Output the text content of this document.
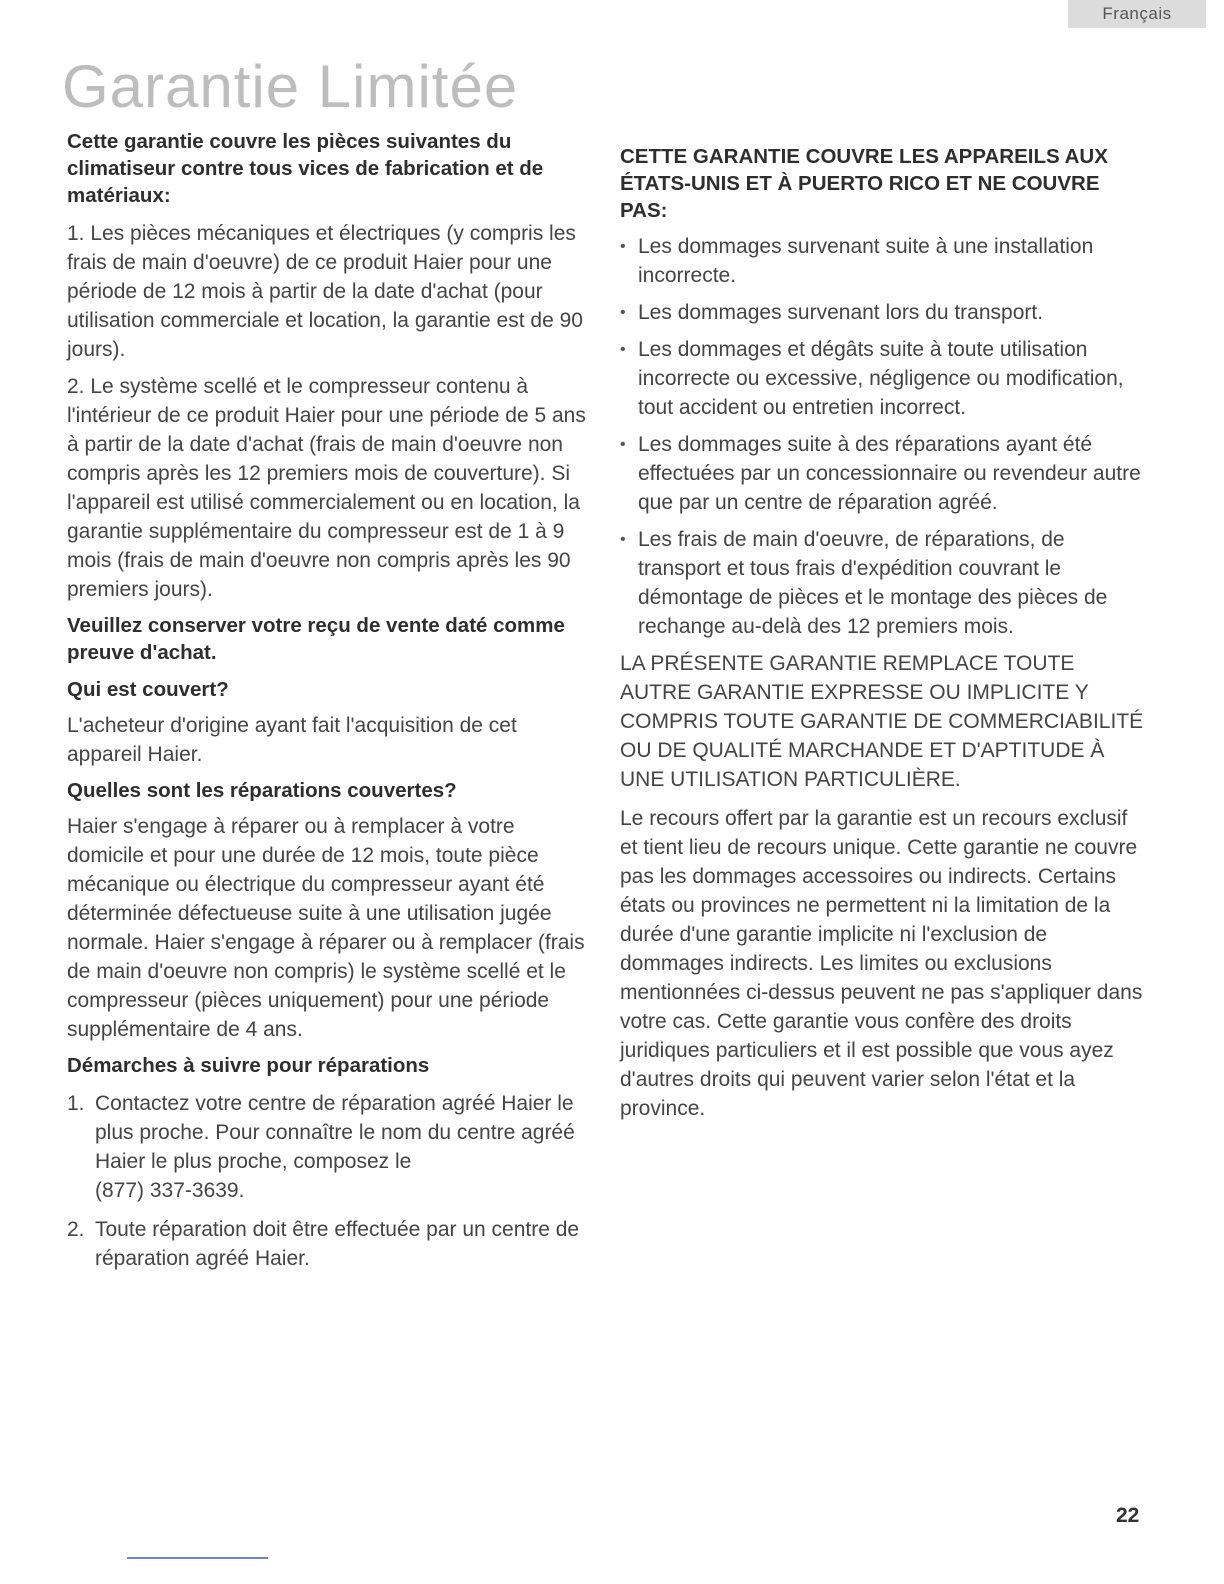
Français
Garantie Limitée
Cette garantie couvre les pièces suivantes du climatiseur contre tous vices de fabrication et de matériaux:

1. Les pièces mécaniques et électriques (y compris les frais de main d'oeuvre) de ce produit Haier pour une période de 12 mois à partir de la date d'achat (pour utilisation commerciale et location, la garantie est de 90 jours).

2. Le système scellé et le compresseur contenu à l'intérieur de ce produit Haier pour une période de 5 ans à partir de la date d'achat (frais de main d'oeuvre non compris après les 12 premiers mois de couverture). Si l'appareil est utilisé commercialement ou en location, la garantie supplémentaire du compresseur est de 1 à 9 mois (frais de main d'oeuvre non compris après les 90 premiers jours).

Veuillez conserver votre reçu de vente daté comme preuve d'achat.
Qui est couvert?

L'acheteur d'origine ayant fait l'acquisition de cet appareil Haier.

Quelles sont les réparations couvertes?

Haier s'engage à réparer ou à remplacer à votre domicile et pour une durée de 12 mois, toute pièce mécanique ou électrique du compresseur ayant été déterminée défectueuse suite à une utilisation jugée normale. Haier s'engage à réparer ou à remplacer (frais de main d'oeuvre non compris) le système scellé et le compresseur (pièces uniquement) pour une période supplémentaire de 4 ans.

Démarches à suivre pour réparations
1. Contactez votre centre de réparation agréé Haier le plus proche. Pour connaître le nom du centre agréé Haier le plus proche, composez le
(877) 337-3639.
2. Toute réparation doit être effectuée par un centre de réparation agréé Haier.
CETTE GARANTIE COUVRE LES APPAREILS AUX ÉTATS-UNIS ET À PUERTO RICO ET NE COUVRE PAS:
• Les dommages survenant suite à une installation incorrecte.
• Les dommages survenant lors du transport.
• Les dommages et dégâts suite à toute utilisation incorrecte ou excessive, négligence ou modification, tout accident ou entretien incorrect.
• Les dommages suite à des réparations ayant été effectuées par un concessionnaire ou revendeur autre que par un centre de réparation agréé.
• Les frais de main d'oeuvre, de réparations, de transport et tous frais d'expédition couvrant le démontage de pièces et le montage des pièces de rechange au-delà des 12 premiers mois.
LA PRÉSENTE GARANTIE REMPLACE TOUTE AUTRE GARANTIE EXPRESSE OU IMPLICITE Y COMPRIS TOUTE GARANTIE DE COMMERCIABILITÉ OU DE QUALITÉ MARCHANDE ET D'APTITUDE À UNE UTILISATION PARTICULIÈRE.

Le recours offert par la garantie est un recours exclusif et tient lieu de recours unique. Cette garantie ne couvre pas les dommages accessoires ou indirects. Certains états ou provinces ne permettent ni la limitation de la durée d'une garantie implicite ni l'exclusion de dommages indirects. Les limites ou exclusions mentionnées ci-dessus peuvent ne pas s'appliquer dans votre cas. Cette garantie vous confère des droits juridiques particuliers et il est possible que vous ayez d'autres droits qui peuvent varier selon l'état et la province.

22
